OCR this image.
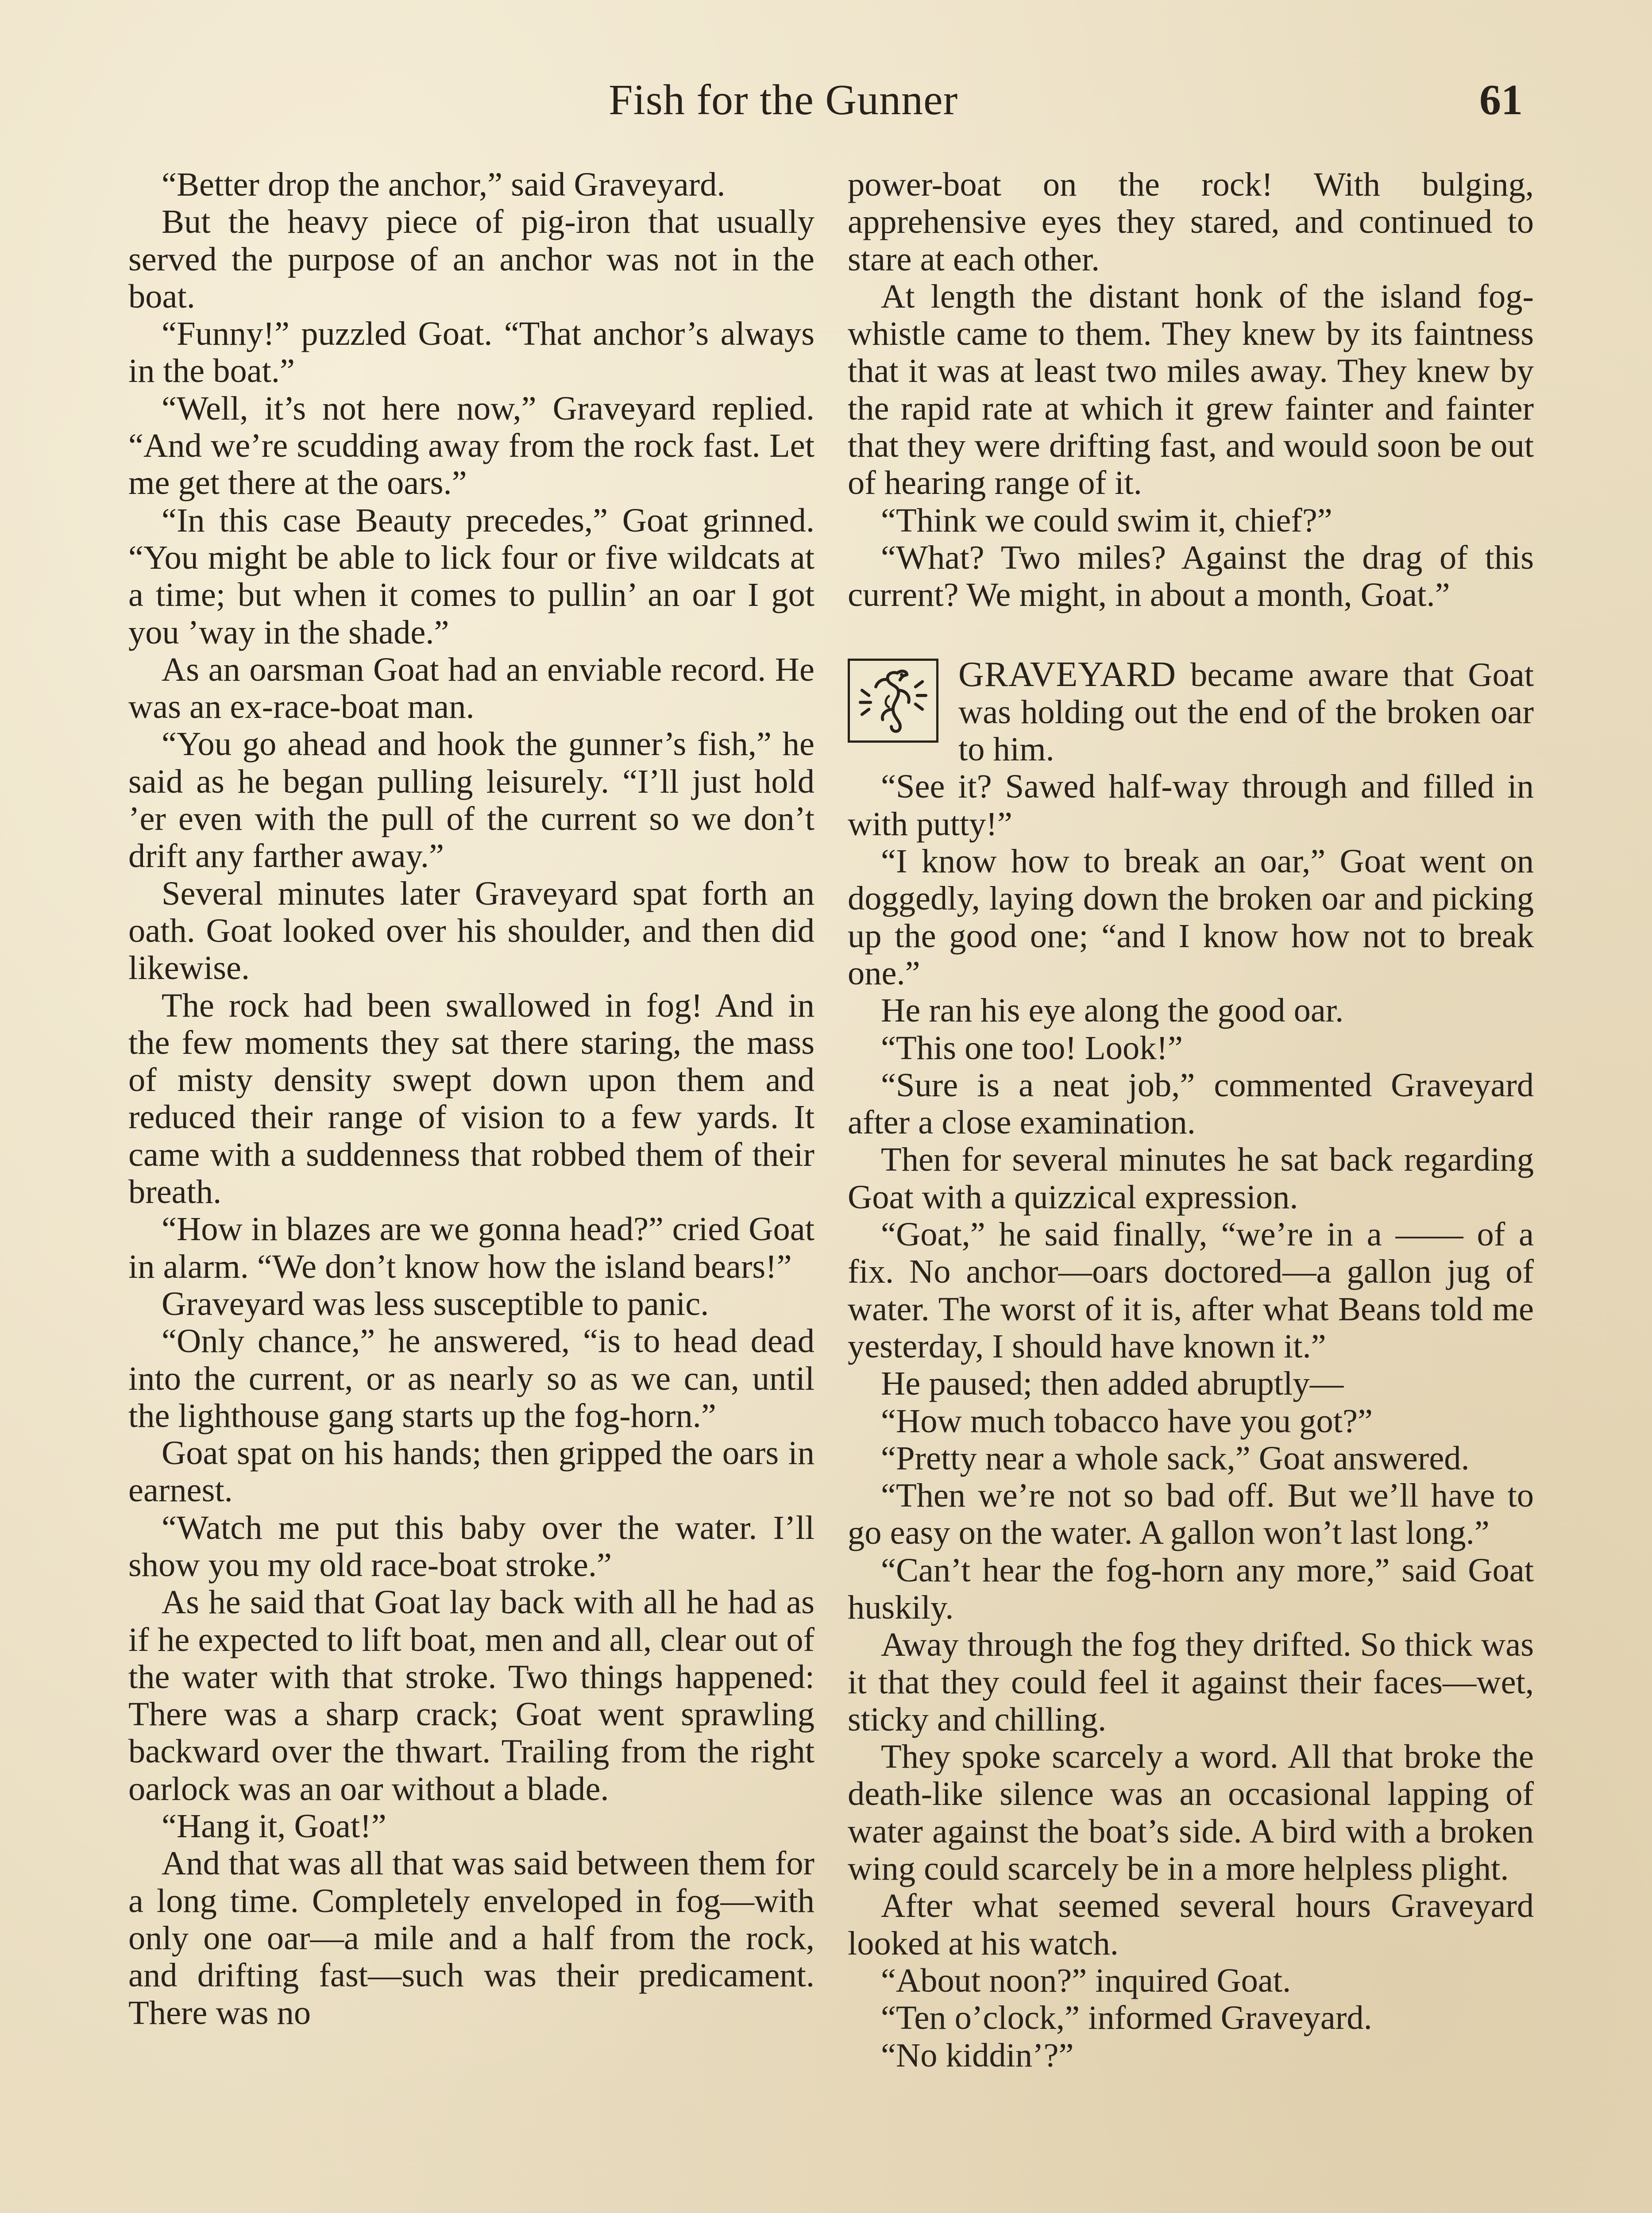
Fish for the Gunner	61

“Better drop the anchor,” said Graveyard.

But the heavy piece of pig-iron that usually served the purpose of an anchor was not in the boat.

“Funny!” puzzled Goat. “That anchor’s always in the boat.”

“Well, it’s not here now,” Graveyard replied. “And we’re scudding away from the rock fast. Let me get there at the oars.”

“In this case Beauty precedes,” Goat grinned. “You might be able to lick four or five wildcats at a time; but when it comes to pullin’ an oar I got you ’way in the shade.”

As an oarsman Goat had an enviable record. He was an ex-race-boat man.

“You go ahead and hook the gunner’s fish,” he said as he began pulling leisurely. “I’ll just hold ’er even with the pull of the current so we don’t drift any farther away.”

Several minutes later Graveyard spat forth an oath. Goat looked over his shoulder, and then did likewise.

The rock had been swallowed in fog! And in the few moments they sat there staring, the mass of misty density swept down upon them and reduced their range of vision to a few yards. It came with a suddenness that robbed them of their breath.

“How in blazes are we gonna head?” cried Goat in alarm. “We don’t know how the island bears!”

Graveyard was less susceptible to panic.

“Only chance,” he answered, “is to head dead into the current, or as nearly so as we can, until the lighthouse gang starts up the fog-horn.”

Goat spat on his hands; then gripped the oars in earnest.

“Watch me put this baby over the water. I’ll show you my old race-boat stroke.”

As he said that Goat lay back with all he had as if he expected to lift boat, men and all, clear out of the water with that stroke. Two things happened: There was a sharp crack; Goat went sprawling backward over the thwart. Trailing from the right oarlock was an oar without a blade.

“Hang it, Goat!”

And that was all that was said between them for a long time. Completely enveloped in fog—with only one oar—a mile and a half from the rock, and drifting fast—such was their predicament. There was no

power-boat on the rock! With bulging, apprehensive eyes they stared, and continued to stare at each other.

At length the distant honk of the island fog-whistle came to them. They knew by its faintness that it was at least two miles away. They knew by the rapid rate at which it grew fainter and fainter that they were drifting fast, and would soon be out of hearing range of it.

“Think we could swim it, chief?”

“What? Two miles? Against the drag of this current? We might, in about a month, Goat.”

GRAVEYARD became aware that Goat was holding out the end of the broken oar to him.

“See it? Sawed half-way through and filled in with putty!”

“I know how to break an oar,” Goat went on doggedly, laying down the broken oar and picking up the good one; “and I know how not to break one.”

He ran his eye along the good oar.

“This one too! Look!”

“Sure is a neat job,” commented Graveyard after a close examination.

Then for several minutes he sat back regarding Goat with a quizzical expression.

“Goat,” he said finally, “we’re in a —— of a fix. No anchor—oars doctored—a gallon jug of water. The worst of it is, after what Beans told me yesterday, I should have known it.”

He paused; then added abruptly—

“How much tobacco have you got?”

“Pretty near a whole sack,” Goat answered.

“Then we’re not so bad off. But we’ll have to go easy on the water. A gallon won’t last long.”

“Can’t hear the fog-horn any more,” said Goat huskily.

Away through the fog they drifted. So thick was it that they could feel it against their faces—wet, sticky and chilling.

They spoke scarcely a word. All that broke the death-like silence was an occasional lapping of water against the boat’s side. A bird with a broken wing could scarcely be in a more helpless plight.

After what seemed several hours Graveyard looked at his watch.

“About noon?” inquired Goat.

“Ten o’clock,” informed Graveyard.

“No kiddin’?”
